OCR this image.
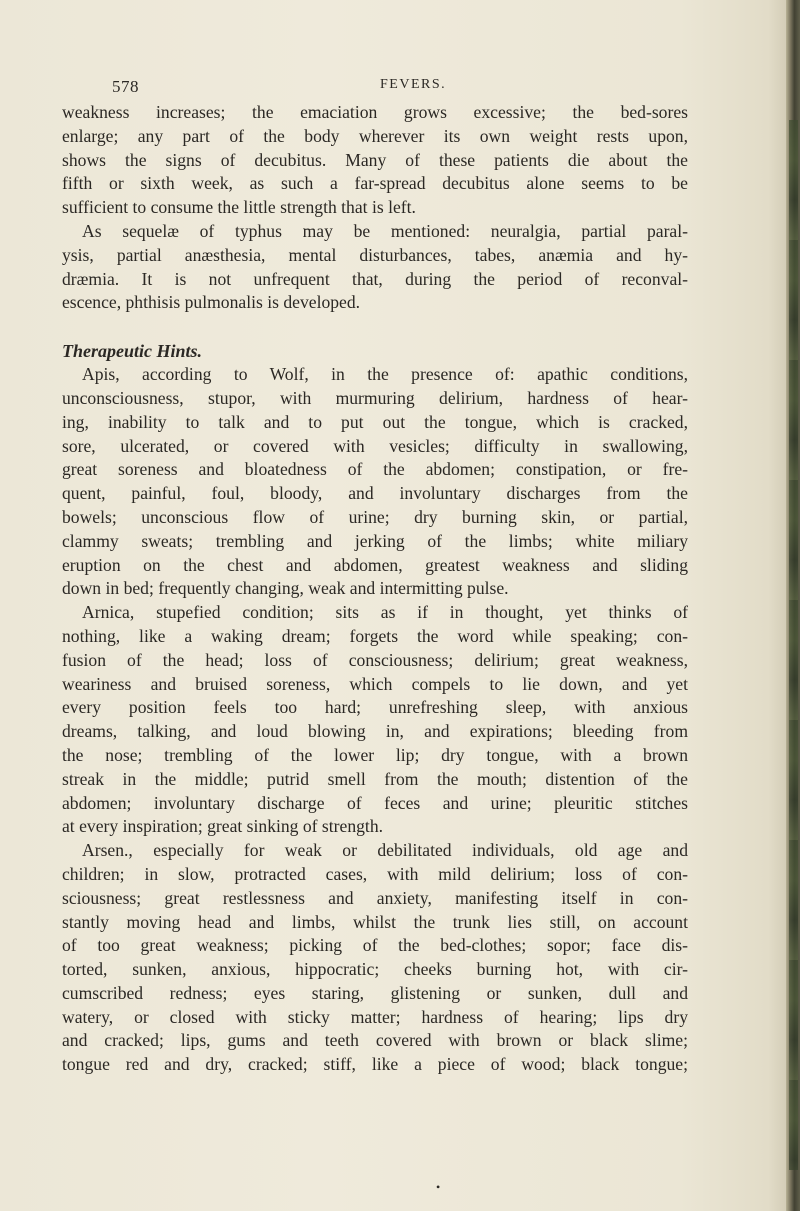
578	FEVERS.

weakness increases; the emaciation grows excessive; the bed-sores

enlarge; any part of the body wherever its own weight rests upon,

shows the signs of decubitus. Many of these patients die about the

fifth or sixth week, as such a far-spread decubitus alone seems to be

sufficient to consume the little strength that is left.

As sequelæ of typhus may be mentioned: neuralgia, partial paral-

ysis, partial anæsthesia, mental disturbances, tabes, anæmia and hy-

dræmia. It is not unfrequent that, during the period of reconval-

escence, phthisis pulmonalis is developed.

Therapeutic Hints.

Apis, according to Wolf, in the presence of: apathic conditions,

unconsciousness, stupor, with murmuring delirium, hardness of hear-

ing, inability to talk and to put out the tongue, which is cracked,

sore, ulcerated, or covered with vesicles; difficulty in swallowing,

great soreness and bloatedness of the abdomen; constipation, or fre-

quent, painful, foul, bloody, and involuntary discharges from the

bowels; unconscious flow of urine; dry burning skin, or partial,

clammy sweats; trembling and jerking of the limbs; white miliary

eruption on the chest and abdomen, greatest weakness and sliding

down in bed; frequently changing, weak and intermitting pulse.

Arnica, stupefied condition; sits as if in thought, yet thinks of

nothing, like a waking dream; forgets the word while speaking; con-

fusion of the head; loss of consciousness; delirium; great weakness,

weariness and bruised soreness, which compels to lie down, and yet

every position feels too hard; unrefreshing sleep, with anxious

dreams, talking, and loud blowing in, and expirations; bleeding from

the nose; trembling of the lower lip; dry tongue, with a brown

streak in the middle; putrid smell from the mouth; distention of the

abdomen; involuntary discharge of feces and urine; pleuritic stitches

at every inspiration; great sinking of strength.

Arsen., especially for weak or debilitated individuals, old age and

children; in slow, protracted cases, with mild delirium; loss of con-

sciousness; great restlessness and anxiety, manifesting itself in con-

stantly moving head and limbs, whilst the trunk lies still, on account

of too great weakness; picking of the bed-clothes; sopor; face dis-

torted, sunken, anxious, hippocratic; cheeks burning hot, with cir-

cumscribed redness; eyes staring, glistening or sunken, dull and

watery, or closed with sticky matter; hardness of hearing; lips dry

and cracked; lips, gums and teeth covered with brown or black slime;

tongue red and dry, cracked; stiff, like a piece of wood; black tongue;

•
